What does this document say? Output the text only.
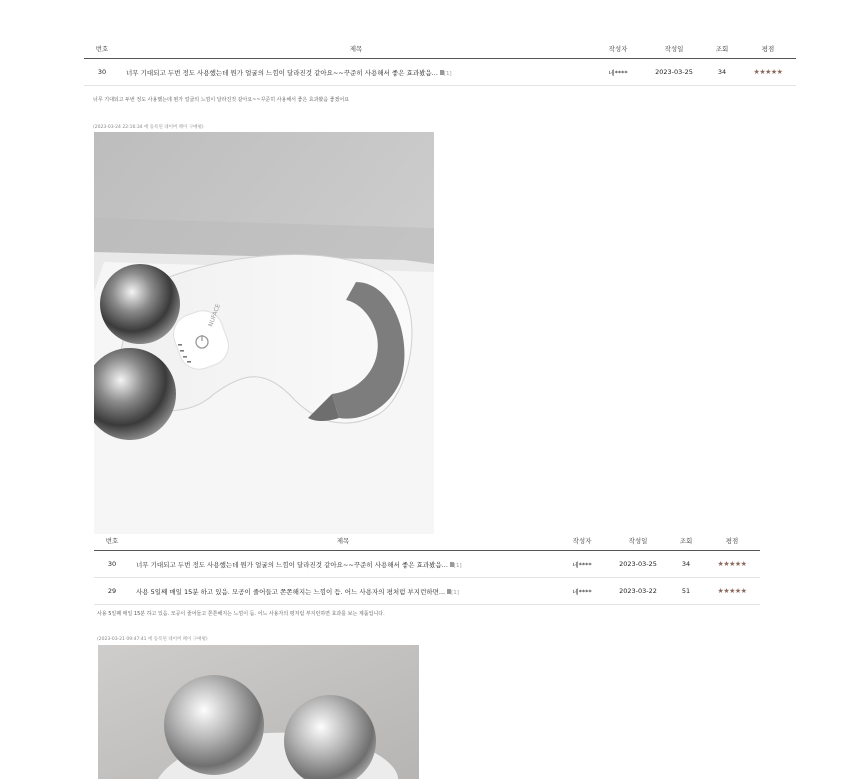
번호	제목	작성자	작성일	조회	평점
30	너무 기대되고 두번 정도 사용했는데 뭔가 얼굴의 느낌이 달라진것 같아요~~꾸준히 사용해서 좋은 효과봤음... [1]	네****	2023-03-25	34	★★★★★
너무 기대되고 두번 정도 사용했는데 뭔가 얼굴의 느낌이 달라진것 같아요~~꾸준히 사용해서 좋은 효과봤음 좋겠어요
(2023-03-24 22:16:34 에 등록된 네이버 페이 구매평)
NUFACE
번호	제목	작성자	작성일	조회	평점
30	너무 기대되고 두번 정도 사용했는데 뭔가 얼굴의 느낌이 달라진것 같아요~~꾸준히 사용해서 좋은 효과봤음... [1]	네****	2023-03-25	34	★★★★★
29	사용 5일째 매일 15분 하고 있음. 모공이 줄어들고 쫀쫀해지는 느낌이 듬. 어느 사용자의 평처럼 부지런하면... [1]	네****	2023-03-22	51	★★★★★
사용 5일째 매일 15분 하고 있음. 모공이 줄어들고 쫀쫀해지는 느낌이 듬. 어느 사용자의 평처럼 부지런하면 효과를 보는 제품입니다.
(2023-03-21 09:47:41 에 등록된 네이버 페이 구매평)
